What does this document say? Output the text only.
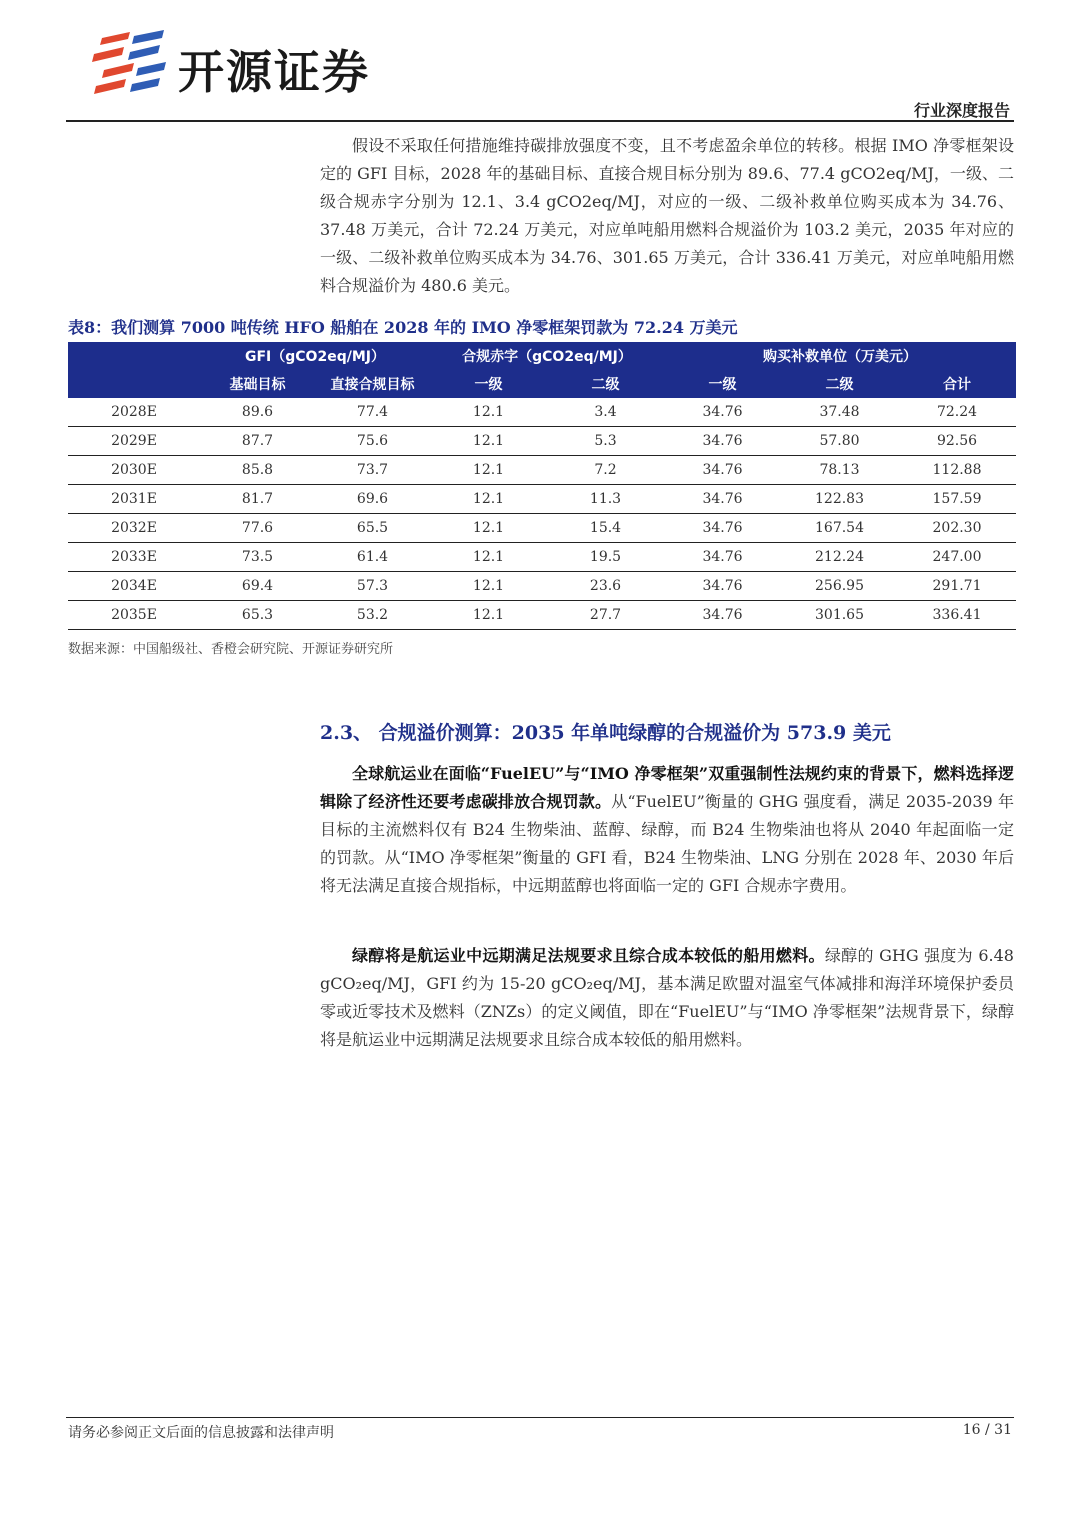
开源证券
行业深度报告

假设不采取任何措施维持碳排放强度不变，且不考虑盈余单位的转移。根据 IMO 净零框架设定的 GFI 目标，2028 年的基础目标、直接合规目标分别为 89.6、77.4 gCO2eq/MJ，一级、二级合规赤字分别为 12.1、3.4 gCO2eq/MJ，对应的一级、二级补救单位购买成本为 34.76、37.48 万美元，合计 72.24 万美元，对应单吨船用燃料合规溢价为 103.2 美元，2035 年对应的一级、二级补救单位购买成本为 34.76、301.65 万美元，合计 336.41 万美元，对应单吨船用燃料合规溢价为 480.6 美元。

表8：我们测算 7000 吨传统 HFO 船舶在 2028 年的 IMO 净零框架罚款为 72.24 万美元
	GFI（gCO2eq/MJ）		合规赤字（gCO2eq/MJ）		购买补救单位（万美元）		
	基础目标	直接合规目标	一级	二级	一级	二级	合计
2028E	89.6	77.4	12.1	3.4	34.76	37.48	72.24
2029E	87.7	75.6	12.1	5.3	34.76	57.80	92.56
2030E	85.8	73.7	12.1	7.2	34.76	78.13	112.88
2031E	81.7	69.6	12.1	11.3	34.76	122.83	157.59
2032E	77.6	65.5	12.1	15.4	34.76	167.54	202.30
2033E	73.5	61.4	12.1	19.5	34.76	212.24	247.00
2034E	69.4	57.3	12.1	23.6	34.76	256.95	291.71
2035E	65.3	53.2	12.1	27.7	34.76	301.65	336.41
数据来源：中国船级社、香橙会研究院、开源证券研究所
2.3、 合规溢价测算：2035 年单吨绿醇的合规溢价为 573.9 美元

全球航运业在面临“FuelEU”与“IMO 净零框架”双重强制性法规约束的背景下，燃料选择逻辑除了经济性还要考虑碳排放合规罚款。从“FuelEU”衡量的 GHG 强度看，满足 2035-2039 年目标的主流燃料仅有 B24 生物柴油、蓝醇、绿醇，而 B24 生物柴油也将从 2040 年起面临一定的罚款。从“IMO 净零框架”衡量的 GFI 看，B24 生物柴油、LNG 分别在 2028 年、2030 年后将无法满足直接合规指标，中远期蓝醇也将面临一定的 GFI 合规赤字费用。

绿醇将是航运业中远期满足法规要求且综合成本较低的船用燃料。绿醇的 GHG 强度为 6.48 gCO₂eq/MJ，GFI 约为 15-20 gCO₂eq/MJ，基本满足欧盟对温室气体减排和海洋环境保护委员零或近零技术及燃料（ZNZs）的定义阈值，即在“FuelEU”与“IMO 净零框架”法规背景下，绿醇将是航运业中远期满足法规要求且综合成本较低的船用燃料。

请务必参阅正文后面的信息披露和法律声明	16 / 31
